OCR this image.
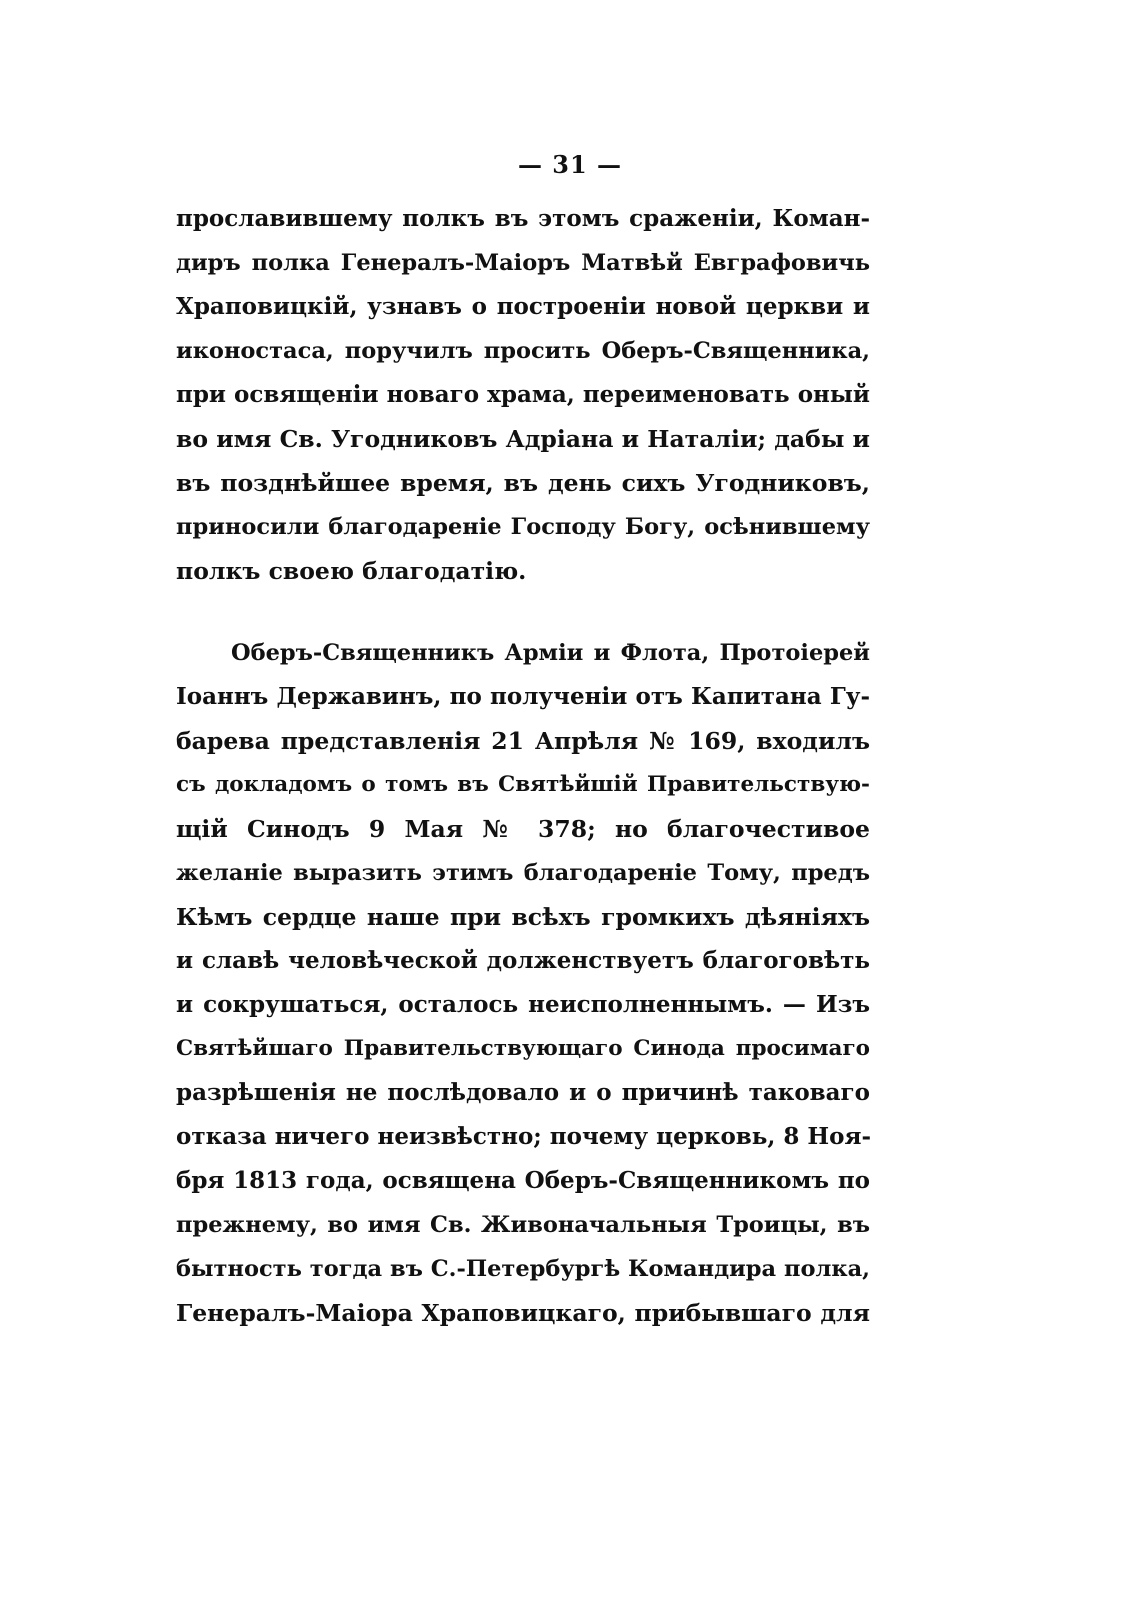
— 31 —
прославившему полкъ въ этомъ сраженіи, Коман-
диръ полка Генералъ-Маіоръ Матвѣй Евграфовичь
Храповицкій, узнавъ о построеніи новой церкви и
иконостаса, поручилъ просить Оберъ-Священника,
при освященіи новаго храма, переименовать оный
во имя Св. Угодниковъ Адріана и Наталіи; дабы и
въ позднѣйшее время, въ день сихъ Угодниковъ,
приносили благодареніе Господу Богу, осѣнившему
полкъ своею благодатію.
Оберъ-Священникъ Арміи и Флота, Протоіерей
Іоаннъ Державинъ, по полученіи отъ Капитана Гу-
барева представленія 21 Апрѣля № 169, входилъ
съ докладомъ о томъ въ Святѣйшій Правительствую-
щій Синодъ 9 Мая № 378; но благочестивое
желаніе выразить этимъ благодареніе Тому, предъ
Кѣмъ сердце наше при всѣхъ громкихъ дѣяніяхъ
и славѣ человѣческой долженствуетъ благоговѣть
и сокрушаться, осталось неисполненнымъ. — Изъ
Святѣйшаго Правительствующаго Синода просимаго
разрѣшенія не послѣдовало и о причинѣ таковаго
отказа ничего неизвѣстно; почему церковь, 8 Ноя-
бря 1813 года, освящена Оберъ-Священникомъ по
прежнему, во имя Св. Живоначальныя Троицы, въ
бытность тогда въ С.-Петербургѣ Командира полка,
Генералъ-Маіора Храповицкаго, прибывшаго для
